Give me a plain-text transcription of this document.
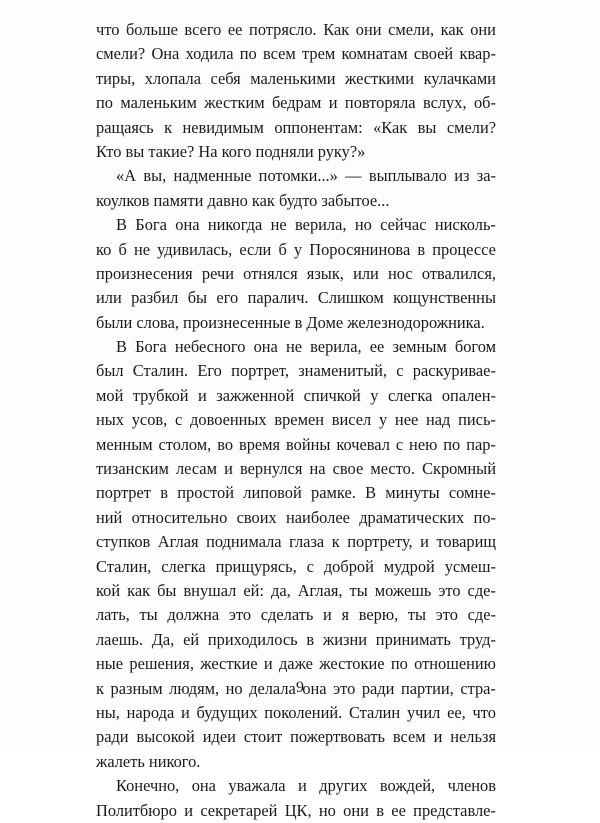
что больше всего ее потрясло. Как они смели, как они
смели? Она ходила по всем трем комнатам своей квар-
тиры, хлопала себя маленькими жесткими кулачками
по маленьким жестким бедрам и повторяла вслух, об-
ращаясь к невидимым оппонентам: «Как вы смели?
Кто вы такие? На кого подняли руку?»
«А вы, надменные потомки...» — выплывало из за-
коулков памяти давно как будто забытое...
В Бога она никогда не верила, но сейчас нисколь-
ко б не удивилась, если б у Поросянинова в процессе
произнесения речи отнялся язык, или нос отвалился,
или разбил бы его паралич. Слишком кощунственны
были слова, произнесенные в Доме железнодорожника.
В Бога небесного она не верила, ее земным богом
был Сталин. Его портрет, знаменитый, с раскуривае-
мой трубкой и зажженной спичкой у слегка опален-
ных усов, с довоенных времен висел у нее над пись-
менным столом, во время войны кочевал с нею по пар-
тизанским лесам и вернулся на свое место. Скромный
портрет в простой липовой рамке. В минуты сомне-
ний относительно своих наиболее драматических по-
ступков Аглая поднимала глаза к портрету, и товарищ
Сталин, слегка прищурясь, с доброй мудрой усмеш-
кой как бы внушал ей: да, Аглая, ты можешь это сде-
лать, ты должна это сделать и я верю, ты это сде-
лаешь. Да, ей приходилось в жизни принимать труд-
ные решения, жесткие и даже жестокие по отношению
к разным людям, но делала она это ради партии, стра-
ны, народа и будущих поколений. Сталин учил ее, что
ради высокой идеи стоит пожертвовать всем и нельзя
жалеть никого.
Конечно, она уважала и других вождей, членов
Политбюро и секретарей ЦК, но они в ее представле-
9
